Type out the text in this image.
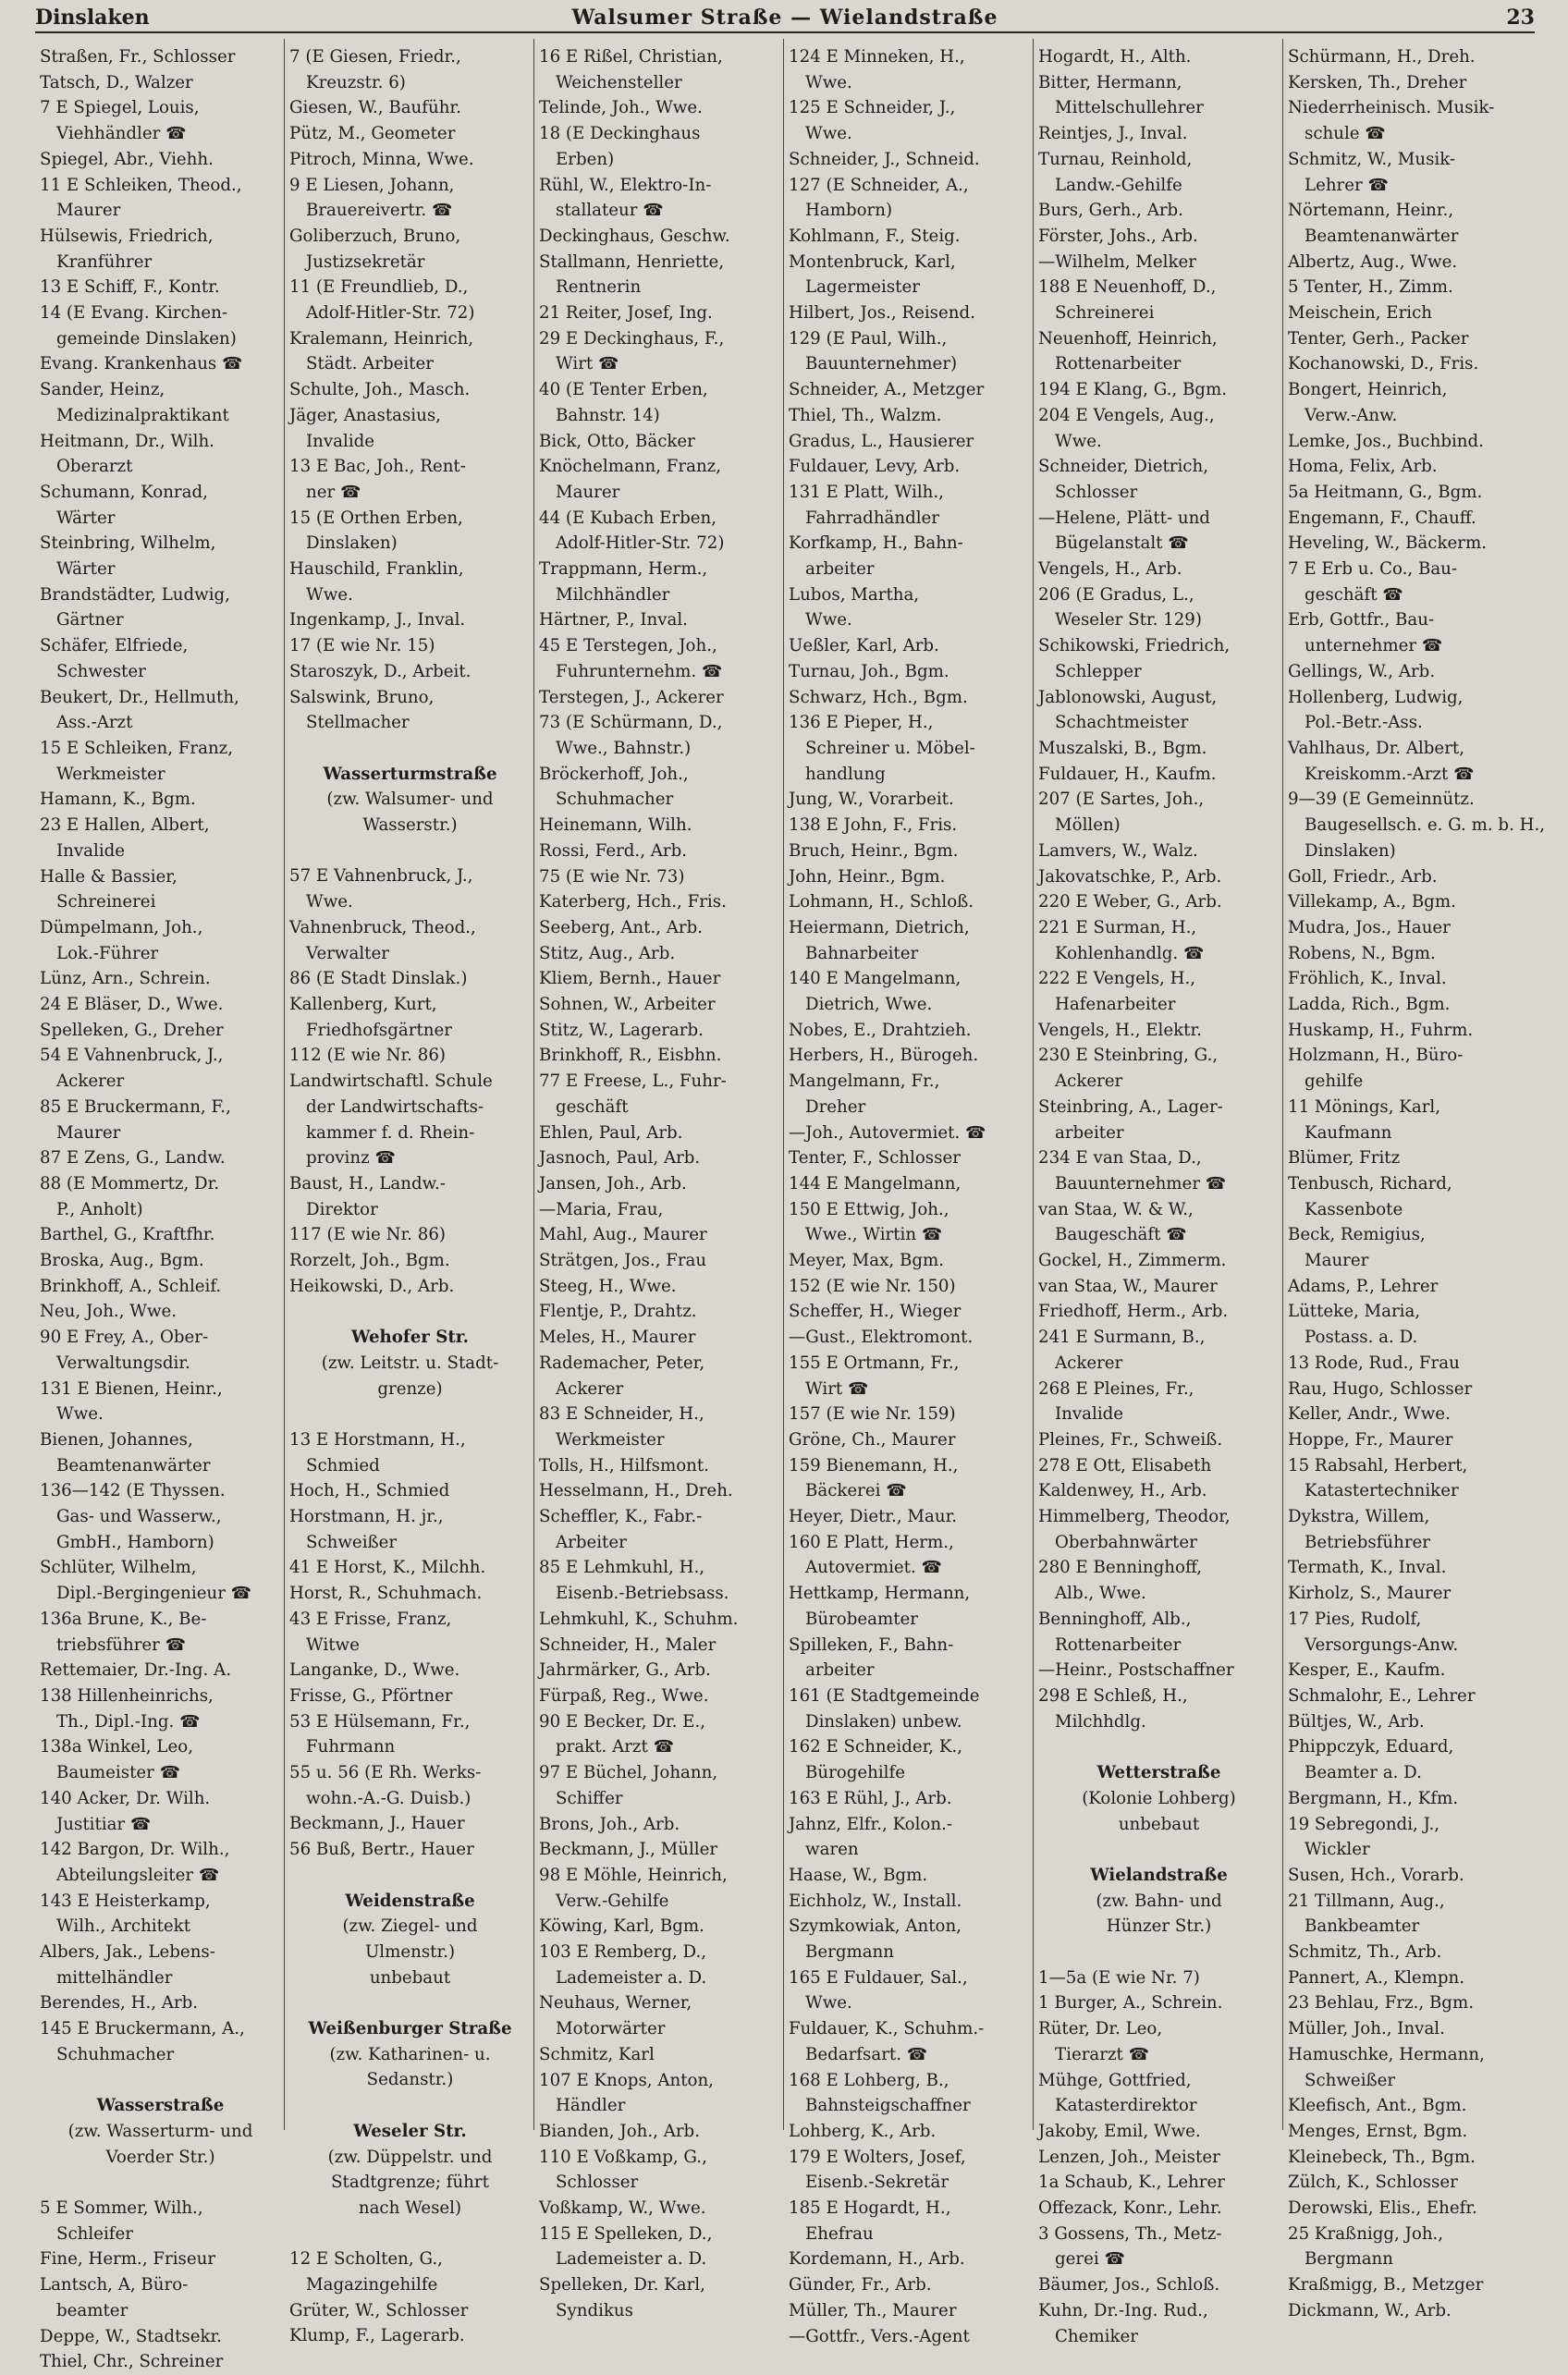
Dinslaken	Walsumer Straße — Wielandstraße	23
Straßen, Fr., Schlosser
Tatsch, D., Walzer
7 E Spiegel, Louis,
Viehhändler ☎
Spiegel, Abr., Viehh.
11 E Schleiken, Theod.,
Maurer
Hülsewis, Friedrich,
Kranführer
13 E Schiff, F., Kontr.
14 (E Evang. Kirchen-
gemeinde Dinslaken)
Evang. Krankenhaus ☎
Sander, Heinz,
Medizinalpraktikant
Heitmann, Dr., Wilh.
Oberarzt
Schumann, Konrad,
Wärter
Steinbring, Wilhelm,
Wärter
Brandstädter, Ludwig,
Gärtner
Schäfer, Elfriede,
Schwester
Beukert, Dr., Hellmuth,
Ass.-Arzt
15 E Schleiken, Franz,
Werkmeister
Hamann, K., Bgm.
23 E Hallen, Albert,
Invalide
Halle & Bassier,
Schreinerei
Dümpelmann, Joh.,
Lok.-Führer
Lünz, Arn., Schrein.
24 E Bläser, D., Wwe.
Spelleken, G., Dreher
54 E Vahnenbruck, J.,
Ackerer
85 E Bruckermann, F.,
Maurer
87 E Zens, G., Landw.
88 (E Mommertz, Dr.
P., Anholt)
Barthel, G., Kraftfhr.
Broska, Aug., Bgm.
Brinkhoff, A., Schleif.
Neu, Joh., Wwe.
90 E Frey, A., Ober-
Verwaltungsdir.
131 E Bienen, Heinr.,
Wwe.
Bienen, Johannes,
Beamtenanwärter
136—142 (E Thyssen.
Gas- und Wasserw.,
GmbH., Hamborn)
Schlüter, Wilhelm,
Dipl.-Bergingenieur ☎
136a Brune, K., Be-
triebsführer ☎
Rettemaier, Dr.-Ing. A.
138 Hillenheinrichs,
Th., Dipl.-Ing. ☎
138a Winkel, Leo,
Baumeister ☎
140 Acker, Dr. Wilh.
Justitiar ☎
142 Bargon, Dr. Wilh.,
Abteilungsleiter ☎
143 E Heisterkamp,
Wilh., Architekt
Albers, Jak., Lebens-
mittelhändler
Berendes, H., Arb.
145 E Bruckermann, A.,
Schuhmacher
Wasserstraße
(zw. Wasserturm- und
Voerder Str.)
5 E Sommer, Wilh.,
Schleifer
Fine, Herm., Friseur
Lantsch, A, Büro-
beamter
Deppe, W., Stadtsekr.
Thiel, Chr., Schreiner
7 (E Giesen, Friedr.,
Kreuzstr. 6)
Giesen, W., Bauführ.
Pütz, M., Geometer
Pitroch, Minna, Wwe.
9 E Liesen, Johann,
Brauereivertr. ☎
Goliberzuch, Bruno,
Justizsekretär
11 (E Freundlieb, D.,
Adolf-Hitler-Str. 72)
Kralemann, Heinrich,
Städt. Arbeiter
Schulte, Joh., Masch.
Jäger, Anastasius,
Invalide
13 E Bac, Joh., Rent-
ner ☎
15 (E Orthen Erben,
Dinslaken)
Hauschild, Franklin,
Wwe.
Ingenkamp, J., Inval.
17 (E wie Nr. 15)
Staroszyk, D., Arbeit.
Salswink, Bruno,
Stellmacher
Wasserturmstraße
(zw. Walsumer- und
Wasserstr.)
57 E Vahnenbruck, J.,
Wwe.
Vahnenbruck, Theod.,
Verwalter
86 (E Stadt Dinslak.)
Kallenberg, Kurt,
Friedhofsgärtner
112 (E wie Nr. 86)
Landwirtschaftl. Schule
der Landwirtschafts-
kammer f. d. Rhein-
provinz ☎
Baust, H., Landw.-
Direktor
117 (E wie Nr. 86)
Rorzelt, Joh., Bgm.
Heikowski, D., Arb.
Wehofer Str.
(zw. Leitstr. u. Stadt-
grenze)
13 E Horstmann, H.,
Schmied
Hoch, H., Schmied
Horstmann, H. jr.,
Schweißer
41 E Horst, K., Milchh.
Horst, R., Schuhmach.
43 E Frisse, Franz,
Witwe
Langanke, D., Wwe.
Frisse, G., Pförtner
53 E Hülsemann, Fr.,
Fuhrmann
55 u. 56 (E Rh. Werks-
wohn.-A.-G. Duisb.)
Beckmann, J., Hauer
56 Buß, Bertr., Hauer
Weidenstraße
(zw. Ziegel- und
Ulmenstr.)
unbebaut
Weißenburger Straße
(zw. Katharinen- u.
Sedanstr.)
Weseler Str.
(zw. Düppelstr. und
Stadtgrenze; führt
nach Wesel)
12 E Scholten, G.,
Magazingehilfe
Grüter, W., Schlosser
Klump, F., Lagerarb.
16 E Rißel, Christian,
Weichensteller
Telinde, Joh., Wwe.
18 (E Deckinghaus
Erben)
Rühl, W., Elektro-In-
stallateur ☎
Deckinghaus, Geschw.
Stallmann, Henriette,
Rentnerin
21 Reiter, Josef, Ing.
29 E Deckinghaus, F.,
Wirt ☎
40 (E Tenter Erben,
Bahnstr. 14)
Bick, Otto, Bäcker
Knöchelmann, Franz,
Maurer
44 (E Kubach Erben,
Adolf-Hitler-Str. 72)
Trappmann, Herm.,
Milchhändler
Härtner, P., Inval.
45 E Terstegen, Joh.,
Fuhrunternehm. ☎
Terstegen, J., Ackerer
73 (E Schürmann, D.,
Wwe., Bahnstr.)
Bröckerhoff, Joh.,
Schuhmacher
Heinemann, Wilh.
Rossi, Ferd., Arb.
75 (E wie Nr. 73)
Katerberg, Hch., Fris.
Seeberg, Ant., Arb.
Stitz, Aug., Arb.
Kliem, Bernh., Hauer
Sohnen, W., Arbeiter
Stitz, W., Lagerarb.
Brinkhoff, R., Eisbhn.
77 E Freese, L., Fuhr-
geschäft
Ehlen, Paul, Arb.
Jasnoch, Paul, Arb.
Jansen, Joh., Arb.
—Maria, Frau,
Mahl, Aug., Maurer
Strätgen, Jos., Frau
Steeg, H., Wwe.
Flentje, P., Drahtz.
Meles, H., Maurer
Rademacher, Peter,
Ackerer
83 E Schneider, H.,
Werkmeister
Tolls, H., Hilfsmont.
Hesselmann, H., Dreh.
Scheffler, K., Fabr.-
Arbeiter
85 E Lehmkuhl, H.,
Eisenb.-Betriebsass.
Lehmkuhl, K., Schuhm.
Schneider, H., Maler
Jahrmärker, G., Arb.
Fürpaß, Reg., Wwe.
90 E Becker, Dr. E.,
prakt. Arzt ☎
97 E Büchel, Johann,
Schiffer
Brons, Joh., Arb.
Beckmann, J., Müller
98 E Möhle, Heinrich,
Verw.-Gehilfe
Köwing, Karl, Bgm.
103 E Remberg, D.,
Lademeister a. D.
Neuhaus, Werner,
Motorwärter
Schmitz, Karl
107 E Knops, Anton,
Händler
Bianden, Joh., Arb.
110 E Voßkamp, G.,
Schlosser
Voßkamp, W., Wwe.
115 E Spelleken, D.,
Lademeister a. D.
Spelleken, Dr. Karl,
Syndikus
124 E Minneken, H.,
Wwe.
125 E Schneider, J.,
Wwe.
Schneider, J., Schneid.
127 (E Schneider, A.,
Hamborn)
Kohlmann, F., Steig.
Montenbruck, Karl,
Lagermeister
Hilbert, Jos., Reisend.
129 (E Paul, Wilh.,
Bauunternehmer)
Schneider, A., Metzger
Thiel, Th., Walzm.
Gradus, L., Hausierer
Fuldauer, Levy, Arb.
131 E Platt, Wilh.,
Fahrradhändler
Korfkamp, H., Bahn-
arbeiter
Lubos, Martha,
Wwe.
Ueßler, Karl, Arb.
Turnau, Joh., Bgm.
Schwarz, Hch., Bgm.
136 E Pieper, H.,
Schreiner u. Möbel-
handlung
Jung, W., Vorarbeit.
138 E John, F., Fris.
Bruch, Heinr., Bgm.
John, Heinr., Bgm.
Lohmann, H., Schloß.
Heiermann, Dietrich,
Bahnarbeiter
140 E Mangelmann,
Dietrich, Wwe.
Nobes, E., Drahtzieh.
Herbers, H., Bürogeh.
Mangelmann, Fr.,
Dreher
—Joh., Autovermiet. ☎
Tenter, F., Schlosser
144 E Mangelmann,
150 E Ettwig, Joh.,
Wwe., Wirtin ☎
Meyer, Max, Bgm.
152 (E wie Nr. 150)
Scheffer, H., Wieger
—Gust., Elektromont.
155 E Ortmann, Fr.,
Wirt ☎
157 (E wie Nr. 159)
Gröne, Ch., Maurer
159 Bienemann, H.,
Bäckerei ☎
Heyer, Dietr., Maur.
160 E Platt, Herm.,
Autovermiet. ☎
Hettkamp, Hermann,
Bürobeamter
Spilleken, F., Bahn-
arbeiter
161 (E Stadtgemeinde
Dinslaken) unbew.
162 E Schneider, K.,
Bürogehilfe
163 E Rühl, J., Arb.
Jahnz, Elfr., Kolon.-
waren
Haase, W., Bgm.
Eichholz, W., Install.
Szymkowiak, Anton,
Bergmann
165 E Fuldauer, Sal.,
Wwe.
Fuldauer, K., Schuhm.-
Bedarfsart. ☎
168 E Lohberg, B.,
Bahnsteigschaffner
Lohberg, K., Arb.
179 E Wolters, Josef,
Eisenb.-Sekretär
185 E Hogardt, H.,
Ehefrau
Kordemann, H., Arb.
Günder, Fr., Arb.
Müller, Th., Maurer
—Gottfr., Vers.-Agent
Hogardt, H., Alth.
Bitter, Hermann,
Mittelschullehrer
Reintjes, J., Inval.
Turnau, Reinhold,
Landw.-Gehilfe
Burs, Gerh., Arb.
Förster, Johs., Arb.
—Wilhelm, Melker
188 E Neuenhoff, D.,
Schreinerei
Neuenhoff, Heinrich,
Rottenarbeiter
194 E Klang, G., Bgm.
204 E Vengels, Aug.,
Wwe.
Schneider, Dietrich,
Schlosser
—Helene, Plätt- und
Bügelanstalt ☎
Vengels, H., Arb.
206 (E Gradus, L.,
Weseler Str. 129)
Schikowski, Friedrich,
Schlepper
Jablonowski, August,
Schachtmeister
Muszalski, B., Bgm.
Fuldauer, H., Kaufm.
207 (E Sartes, Joh.,
Möllen)
Lamvers, W., Walz.
Jakovatschke, P., Arb.
220 E Weber, G., Arb.
221 E Surman, H.,
Kohlenhandlg. ☎
222 E Vengels, H.,
Hafenarbeiter
Vengels, H., Elektr.
230 E Steinbring, G.,
Ackerer
Steinbring, A., Lager-
arbeiter
234 E van Staa, D.,
Bauunternehmer ☎
van Staa, W. & W.,
Baugeschäft ☎
Gockel, H., Zimmerm.
van Staa, W., Maurer
Friedhoff, Herm., Arb.
241 E Surmann, B.,
Ackerer
268 E Pleines, Fr.,
Invalide
Pleines, Fr., Schweiß.
278 E Ott, Elisabeth
Kaldenwey, H., Arb.
Himmelberg, Theodor,
Oberbahnwärter
280 E Benninghoff,
Alb., Wwe.
Benninghoff, Alb.,
Rottenarbeiter
—Heinr., Postschaffner
298 E Schleß, H.,
Milchhdlg.
Wetterstraße
(Kolonie Lohberg)
unbebaut
Wielandstraße
(zw. Bahn- und
Hünzer Str.)
1—5a (E wie Nr. 7)
1 Burger, A., Schrein.
Rüter, Dr. Leo,
Tierarzt ☎
Mühge, Gottfried,
Katasterdirektor
Jakoby, Emil, Wwe.
Lenzen, Joh., Meister
1a Schaub, K., Lehrer
Offezack, Konr., Lehr.
3 Gossens, Th., Metz-
gerei ☎
Bäumer, Jos., Schloß.
Kuhn, Dr.-Ing. Rud.,
Chemiker
Schürmann, H., Dreh.
Kersken, Th., Dreher
Niederrheinisch. Musik-
schule ☎
Schmitz, W., Musik-
Lehrer ☎
Nörtemann, Heinr.,
Beamtenanwärter
Albertz, Aug., Wwe.
5 Tenter, H., Zimm.
Meischein, Erich
Tenter, Gerh., Packer
Kochanowski, D., Fris.
Bongert, Heinrich,
Verw.-Anw.
Lemke, Jos., Buchbind.
Homa, Felix, Arb.
5a Heitmann, G., Bgm.
Engemann, F., Chauff.
Heveling, W., Bäckerm.
7 E Erb u. Co., Bau-
geschäft ☎
Erb, Gottfr., Bau-
unternehmer ☎
Gellings, W., Arb.
Hollenberg, Ludwig,
Pol.-Betr.-Ass.
Vahlhaus, Dr. Albert,
Kreiskomm.-Arzt ☎
9—39 (E Gemeinnütz.
Baugesellsch. e. G. m. b. H.,
Dinslaken)
Goll, Friedr., Arb.
Villekamp, A., Bgm.
Mudra, Jos., Hauer
Robens, N., Bgm.
Fröhlich, K., Inval.
Ladda, Rich., Bgm.
Huskamp, H., Fuhrm.
Holzmann, H., Büro-
gehilfe
11 Mönings, Karl,
Kaufmann
Blümer, Fritz
Tenbusch, Richard,
Kassenbote
Beck, Remigius,
Maurer
Adams, P., Lehrer
Lütteke, Maria,
Postass. a. D.
13 Rode, Rud., Frau
Rau, Hugo, Schlosser
Keller, Andr., Wwe.
Hoppe, Fr., Maurer
15 Rabsahl, Herbert,
Katastertechniker
Dykstra, Willem,
Betriebsführer
Termath, K., Inval.
Kirholz, S., Maurer
17 Pies, Rudolf,
Versorgungs-Anw.
Kesper, E., Kaufm.
Schmalohr, E., Lehrer
Bültjes, W., Arb.
Phippczyk, Eduard,
Beamter a. D.
Bergmann, H., Kfm.
19 Sebregondi, J.,
Wickler
Susen, Hch., Vorarb.
21 Tillmann, Aug.,
Bankbeamter
Schmitz, Th., Arb.
Pannert, A., Klempn.
23 Behlau, Frz., Bgm.
Müller, Joh., Inval.
Hamuschke, Hermann,
Schweißer
Kleefisch, Ant., Bgm.
Menges, Ernst, Bgm.
Kleinebeck, Th., Bgm.
Zülch, K., Schlosser
Derowski, Elis., Ehefr.
25 Kraßnigg, Joh.,
Bergmann
Kraßmigg, B., Metzger
Dickmann, W., Arb.
